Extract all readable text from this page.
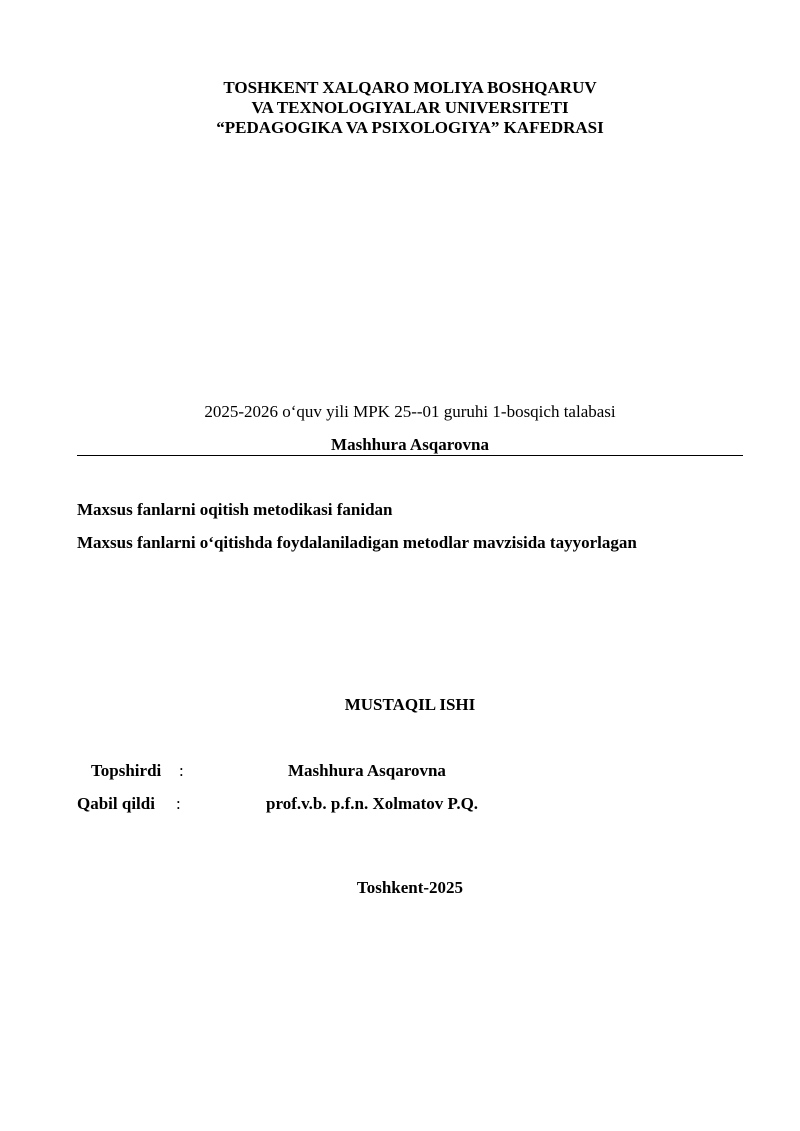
TOSHKENT XALQARO MOLIYA BOSHQARUV
VA TEXNOLOGIYALAR UNIVERSITETI
“PEDAGOGIKA VA PSIXOLOGIYA” KAFEDRASI
2025-2026 o‘quv yili MPK 25--01 guruhi 1-bosqich talabasi
Mashhura Asqarovna
Maxsus fanlarni oqitish metodikasi fanidan
Maxsus fanlarni o‘qitishda foydalaniladigan metodlar mavzisida tayyorlagan
MUSTAQIL ISHI
Topshirdi :	Mashhura Asqarovna
Qabil qildi :	prof.v.b. p.f.n. Xolmatov P.Q.
Toshkent-2025
